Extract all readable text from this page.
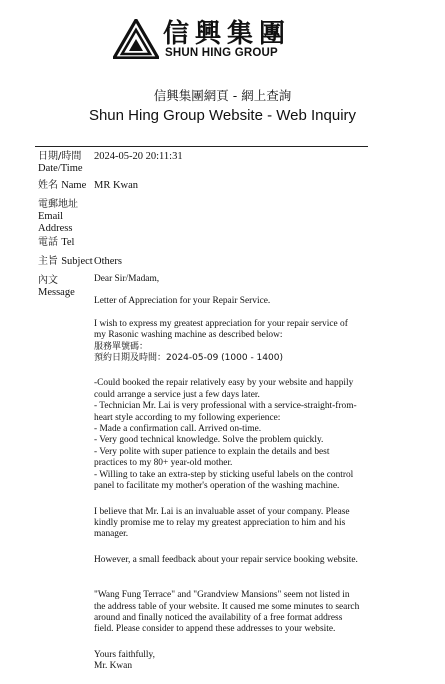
信興集團
SHUN HING GROUP
信興集團網頁 - 網上查詢
Shun Hing Group Website - Web Inquiry
日期/時間
Date/Time
2024-05-20 20:11:31
姓名 Name MR Kwan
電郵地址
Email
Address
電話 Tel
主旨 Subject Others
內文
Message

Dear Sir/Madam,

Letter of Appreciation for your Repair Service.

I wish to express my greatest appreciation for your repair service of
my Rasonic washing machine as described below:
服務單號碼：
預約日期及時間：2024-05-09 (1000 - 1400)

-Could booked the repair relatively easy by your website and happily
could arrange a service just a few days later.
- Technician Mr. Lai is very professional with a service-straight-from-
heart style according to my following experience:
- Made a confirmation call. Arrived on-time.
- Very good technical knowledge. Solve the problem quickly.
- Very polite with super patience to explain the details and best
practices to my 80+ year-old mother.
- Willing to take an extra-step by sticking useful labels on the control
panel to facilitate my mother's operation of the washing machine.

I believe that Mr. Lai is an invaluable asset of your company. Please
kindly promise me to relay my greatest appreciation to him and his
manager.

However, a small feedback about your repair service booking website.

"Wang Fung Terrace" and "Grandview Mansions" seem not listed in
the address table of your website. It caused me some minutes to search
around and finally noticed the availability of a free format address
field. Please consider to append these addresses to your website.

Yours faithfully,
Mr. Kwan
